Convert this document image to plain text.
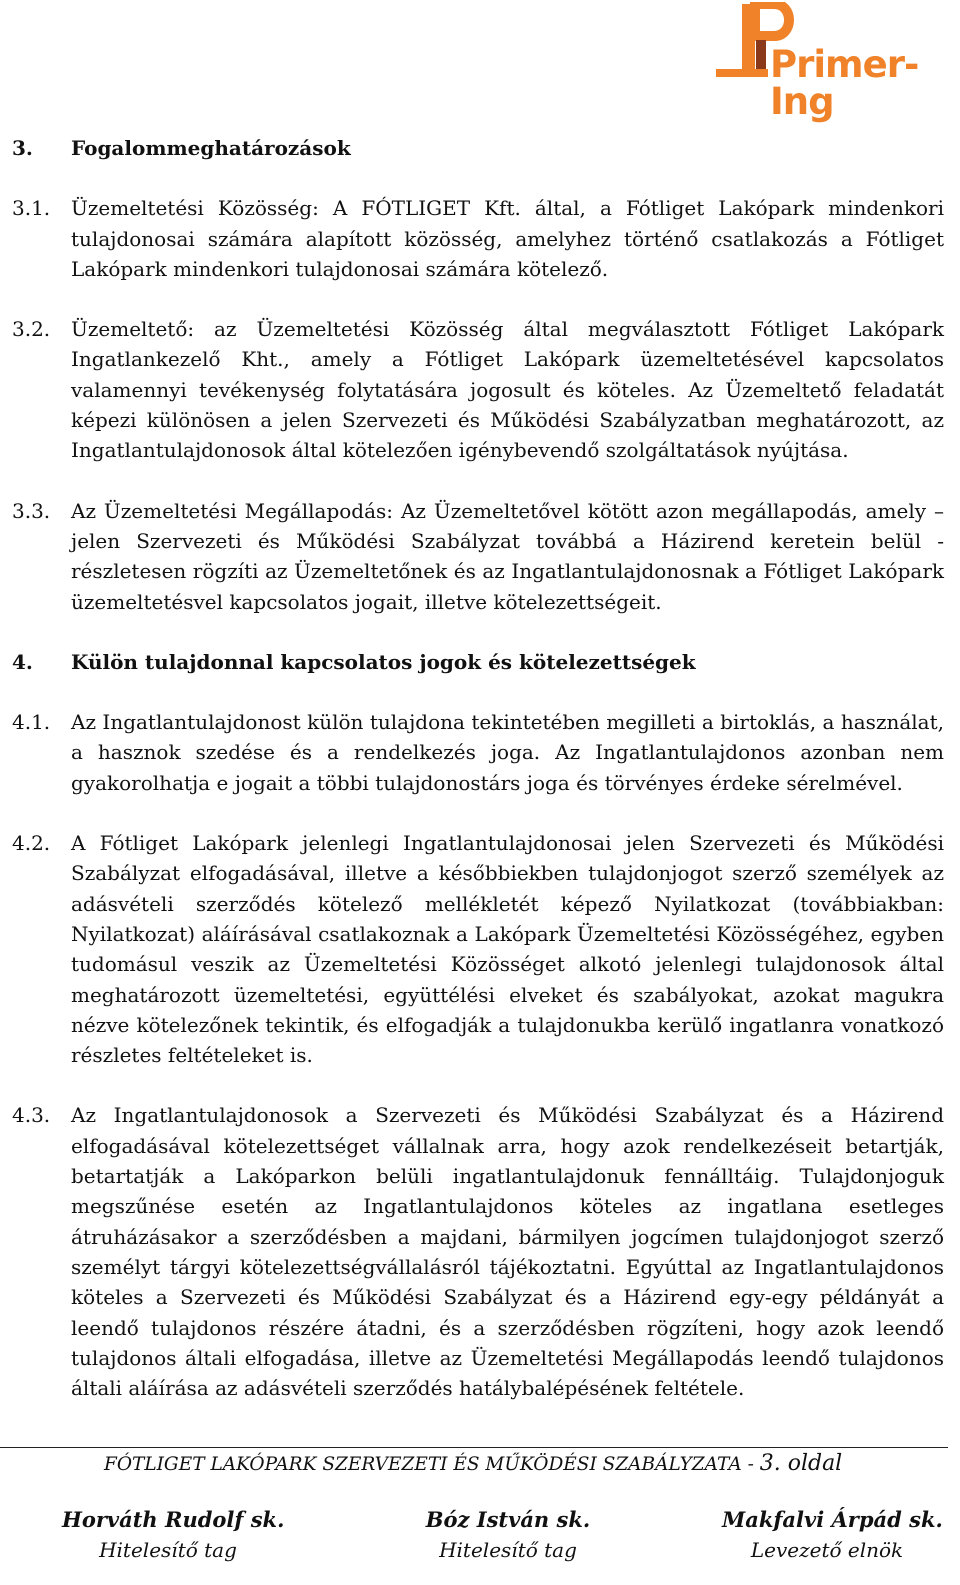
Primer-Ing
3.	Fogalommeghatározások
3.1.	Üzemeltetési Közösség: A FÓTLIGET Kft. által, a Fótliget Lakópark mindenkori tulajdonosai számára alapított közösség, amelyhez történő csatlakozás a Fótliget Lakópark mindenkori tulajdonosai számára kötelező.
3.2.	Üzemeltető: az Üzemeltetési Közösség által megválasztott Fótliget Lakópark Ingatlankezelő Kht., amely a Fótliget Lakópark üzemeltetésével kapcsolatos valamennyi tevékenység folytatására jogosult és köteles. Az Üzemeltető feladatát képezi különösen a jelen Szervezeti és Működési Szabályzatban meghatározott, az Ingatlantulajdonosok által kötelezően igénybevendő szolgáltatások nyújtása.
3.3.	Az Üzemeltetési Megállapodás: Az Üzemeltetővel kötött azon megállapodás, amely – jelen Szervezeti és Működési Szabályzat továbbá a Házirend keretein belül - részletesen rögzíti az Üzemeltetőnek és az Ingatlantulajdonosnak a Fótliget Lakópark üzemeltetésvel kapcsolatos jogait, illetve kötelezettségeit.
4.	Külön tulajdonnal kapcsolatos jogok és kötelezettségek
4.1.	Az Ingatlantulajdonost külön tulajdona tekintetében megilleti a birtoklás, a használat, a hasznok szedése és a rendelkezés joga. Az Ingatlantulajdonos azonban nem gyakorolhatja e jogait a többi tulajdonostárs joga és törvényes érdeke sérelmével.
4.2.	A Fótliget Lakópark jelenlegi Ingatlantulajdonosai jelen Szervezeti és Működési Szabályzat elfogadásával, illetve a későbbiekben tulajdonjogot szerző személyek az adásvételi szerződés kötelező mellékletét képező Nyilatkozat (továbbiakban: Nyilatkozat) aláírásával csatlakoznak a Lakópark Üzemeltetési Közösségéhez, egyben tudomásul veszik az Üzemeltetési Közösséget alkotó jelenlegi tulajdonosok által meghatározott üzemeltetési, együttélési elveket és szabályokat, azokat magukra nézve kötelezőnek tekintik, és elfogadják a tulajdonukba kerülő ingatlanra vonatkozó részletes feltételeket is.
4.3.	Az Ingatlantulajdonosok a Szervezeti és Működési Szabályzat és a Házirend elfogadásával kötelezettséget vállalnak arra, hogy azok rendelkezéseit betartják, betartatják a Lakóparkon belüli ingatlantulajdonuk fennálltáig. Tulajdonjoguk megszűnése esetén az Ingatlantulajdonos köteles az ingatlana esetleges átruházásakor a szerződésben a majdani, bármilyen jogcímen tulajdonjogot szerző személyt tárgyi kötelezettségvállalásról tájékoztatni. Egyúttal az Ingatlantulajdonos köteles a Szervezeti és Működési Szabályzat és a Házirend egy-egy példányát a leendő tulajdonos részére átadni, és a szerződésben rögzíteni, hogy azok leendő tulajdonos általi elfogadása, illetve az Üzemeltetési Megállapodás leendő tulajdonos általi aláírása az adásvételi szerződés hatálybalépésének feltétele.
FÓTLIGET LAKÓPARK SZERVEZETI ÉS MŰKÖDÉSI SZABÁLYZATA - 3. oldal
Horváth Rudolf sk.
Hitelesítő tag
Bóz István sk.
Hitelesítő tag
Makfalvi Árpád sk.
Levezető elnök
